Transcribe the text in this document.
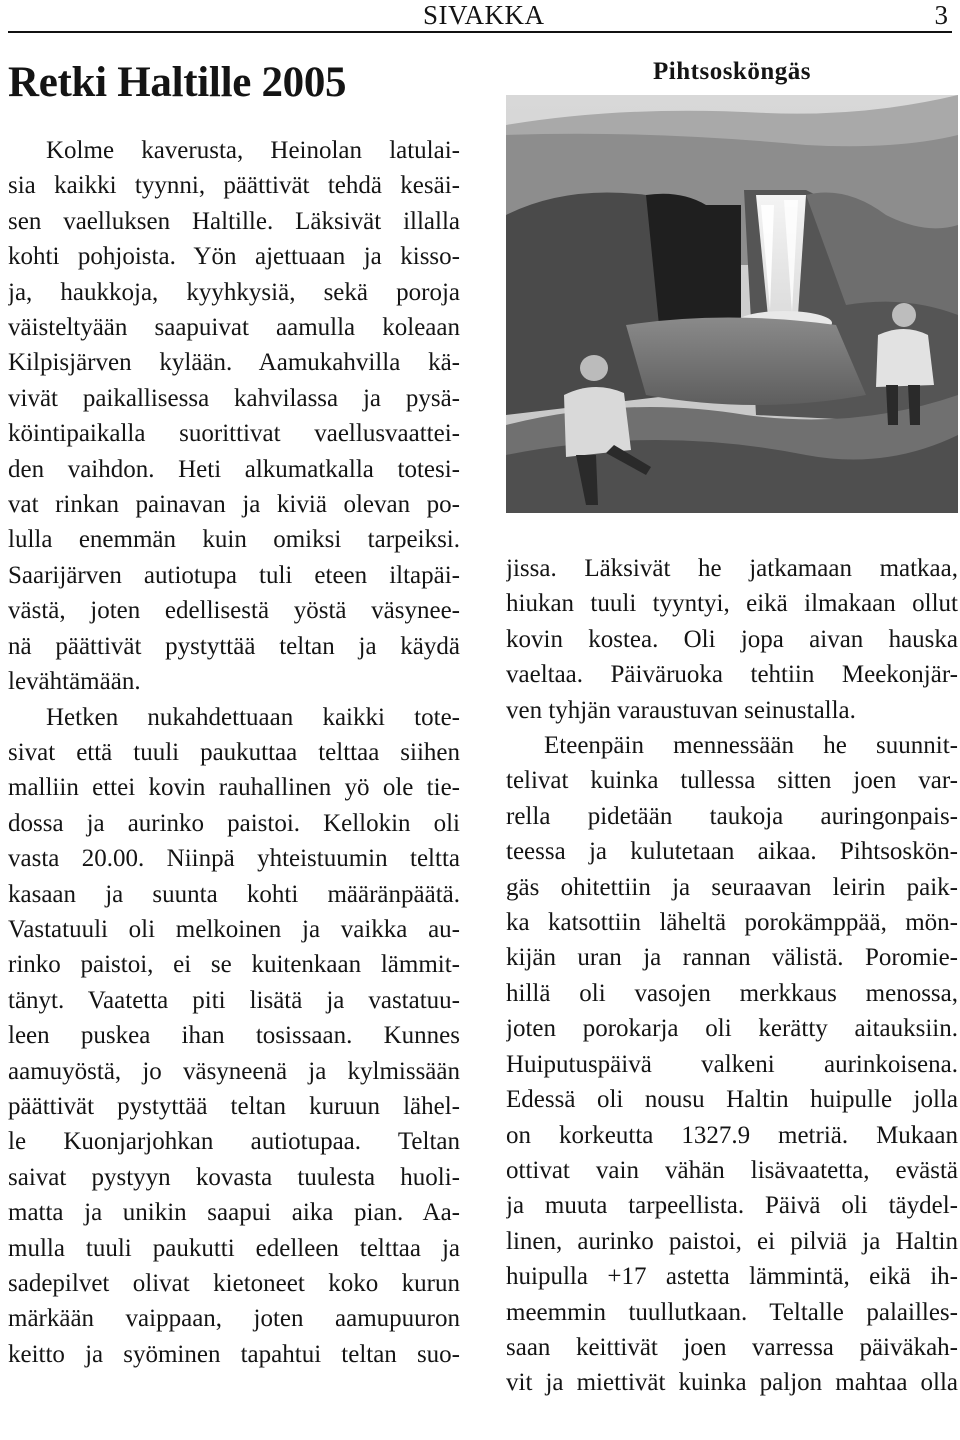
SIVAKKA	3
Retki Haltille 2005
Kolme kaverusta, Heinolan latulai-
sia kaikki tyynni, päättivät tehdä kesäi-
sen vaelluksen Haltille. Läksivät illalla
kohti pohjoista. Yön ajettuaan ja kisso-
ja, haukkoja, kyyhkysiä, sekä poroja
väisteltyään saapuivat aamulla koleaan
Kilpisjärven kylään. Aamukahvilla kä-
vivät paikallisessa kahvilassa ja pysä-
köintipaikalla suorittivat vaellusvaattei-
den vaihdon. Heti alkumatkalla totesi-
vat rinkan painavan ja kiviä olevan po-
lulla enemmän kuin omiksi tarpeiksi.
Saarijärven autiotupa tuli eteen iltapäi-
västä, joten edellisestä yöstä väsynee-
nä päättivät pystyttää teltan ja käydä
levähtämään.
Hetken nukahdettuaan kaikki tote-
sivat että tuuli paukuttaa telttaa siihen
malliin ettei kovin rauhallinen yö ole tie-
dossa ja aurinko paistoi. Kellokin oli
vasta 20.00. Niinpä yhteistuumin teltta
kasaan ja suunta kohti määränpäätä.
Vastatuuli oli melkoinen ja vaikka au-
rinko paistoi, ei se kuitenkaan lämmit-
tänyt. Vaatetta piti lisätä ja vastatuu-
leen puskea ihan tosissaan. Kunnes
aamuyöstä, jo väsyneenä ja kylmissään
päättivät pystyttää teltan kuruun lähel-
le Kuonjarjohkan autiotupaa. Teltan
saivat pystyyn kovasta tuulesta huoli-
matta ja unikin saapui aika pian. Aa-
mulla tuuli paukutti edelleen telttaa ja
sadepilvet olivat kietoneet koko kurun
märkään vaippaan, joten aamupuuron
keitto ja syöminen tapahtui teltan suo-
Pihtsosköngäs
jissa. Läksivät he jatkamaan matkaa,
hiukan tuuli tyyntyi, eikä ilmakaan ollut
kovin kostea. Oli jopa aivan hauska
vaeltaa. Päiväruoka tehtiin Meekonjär-
ven tyhjän varaustuvan seinustalla.
Eteenpäin mennessään he suunnit-
telivat kuinka tullessa sitten joen var-
rella pidetään taukoja auringonpais-
teessa ja kulutetaan aikaa. Pihtsoskön-
gäs ohitettiin ja seuraavan leirin paik-
ka katsottiin läheltä porokämppää, mön-
kijän uran ja rannan välistä. Poromie-
hillä oli vasojen merkkaus menossa,
joten porokarja oli kerätty aitauksiin.
Huiputuspäivä valkeni aurinkoisena.
Edessä oli nousu Haltin huipulle jolla
on korkeutta 1327.9 metriä. Mukaan
ottivat vain vähän lisävaatetta, evästä
ja muuta tarpeellista. Päivä oli täydel-
linen, aurinko paistoi, ei pilviä ja Haltin
huipulla +17 astetta lämmintä, eikä ih-
meemmin tuullutkaan. Teltalle palailles-
saan keittivät joen varressa päiväkah-
vit ja miettivät kuinka paljon mahtaa olla
